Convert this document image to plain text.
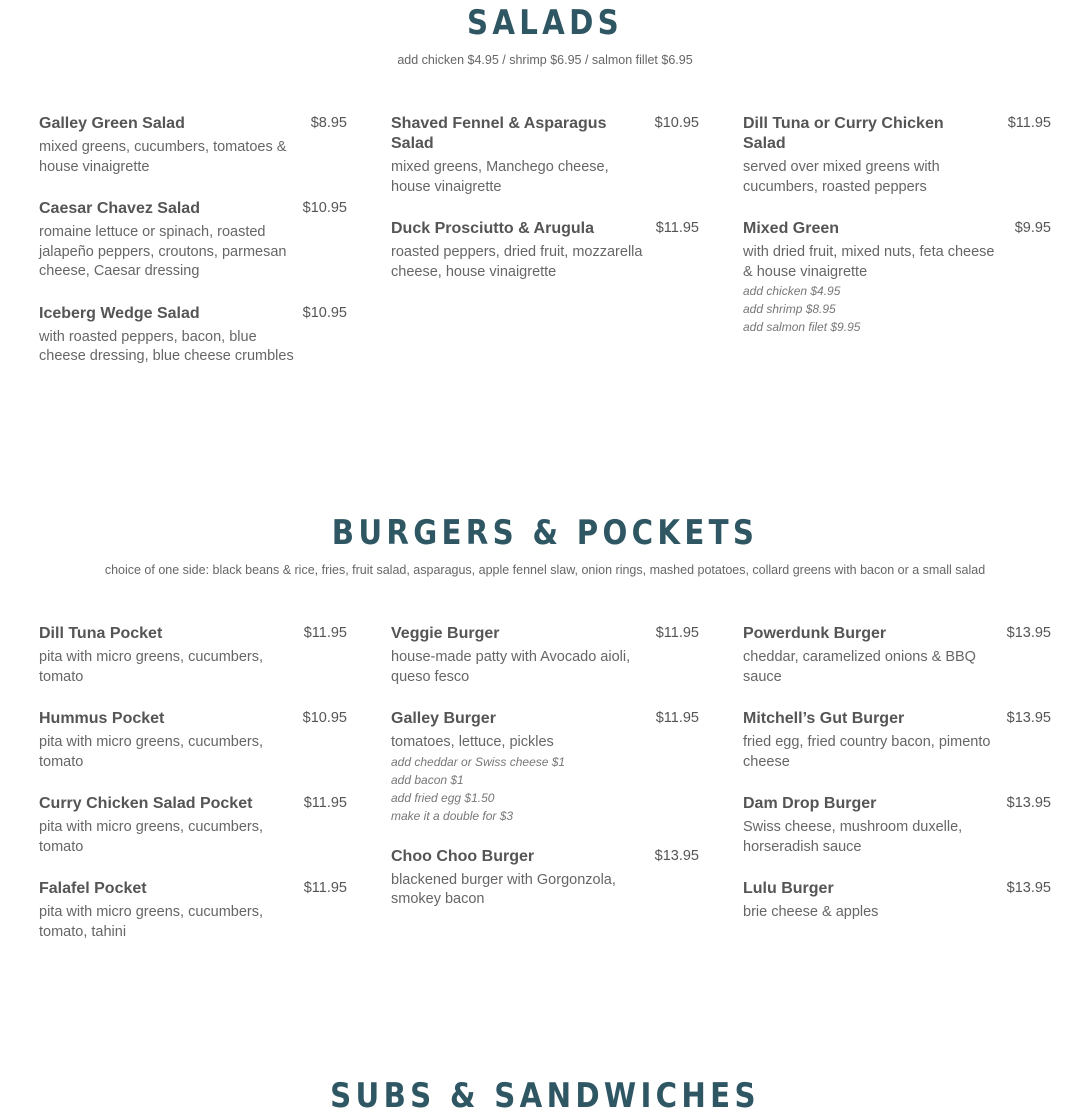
SALADS

add chicken $4.95 / shrimp $6.95 / salmon fillet $6.95

Galley Green Salad	$8.95

mixed greens, cucumbers, tomatoes & house vinaigrette

Caesar Chavez Salad	$10.95

romaine lettuce or spinach, roasted jalapeño peppers, croutons, parmesan cheese, Caesar dressing

Iceberg Wedge Salad	$10.95

with roasted peppers, bacon, blue cheese dressing, blue cheese crumbles

Shaved Fennel & Asparagus Salad

$10.95

mixed greens, Manchego cheese, house vinaigrette

Duck Prosciutto & Arugula	$11.95

roasted peppers, dried fruit, mozzarella cheese, house vinaigrette

Dill Tuna or Curry Chicken Salad

$11.95

served over mixed greens with cucumbers, roasted peppers

Mixed Green	$9.95

with dried fruit, mixed nuts, feta cheese & house vinaigrette

add chicken $4.95

add shrimp $8.95

add salmon filet $9.95

BURGERS & POCKETS

choice of one side: black beans & rice, fries, fruit salad, asparagus, apple fennel slaw, onion rings, mashed potatoes, collard greens with bacon or a small salad

Dill Tuna Pocket	$11.95

pita with micro greens, cucumbers, tomato

Hummus Pocket	$10.95

pita with micro greens, cucumbers, tomato

Curry Chicken Salad Pocket	$11.95

pita with micro greens, cucumbers, tomato

Falafel Pocket	$11.95

pita with micro greens, cucumbers, tomato, tahini

Veggie Burger	$11.95

house-made patty with Avocado aioli, queso fesco

Galley Burger	$11.95

tomatoes, lettuce, pickles

add cheddar or Swiss cheese $1

add bacon $1

add fried egg $1.50

make it a double for $3

Choo Choo Burger	$13.95

blackened burger with Gorgonzola, smokey bacon

Powerdunk Burger	$13.95

cheddar, caramelized onions & BBQ sauce

Mitchell’s Gut Burger	$13.95

fried egg, fried country bacon, pimento cheese

Dam Drop Burger	$13.95

Swiss cheese, mushroom duxelle, horseradish sauce

Lulu Burger	$13.95

brie cheese & apples

SUBS & SANDWICHES
